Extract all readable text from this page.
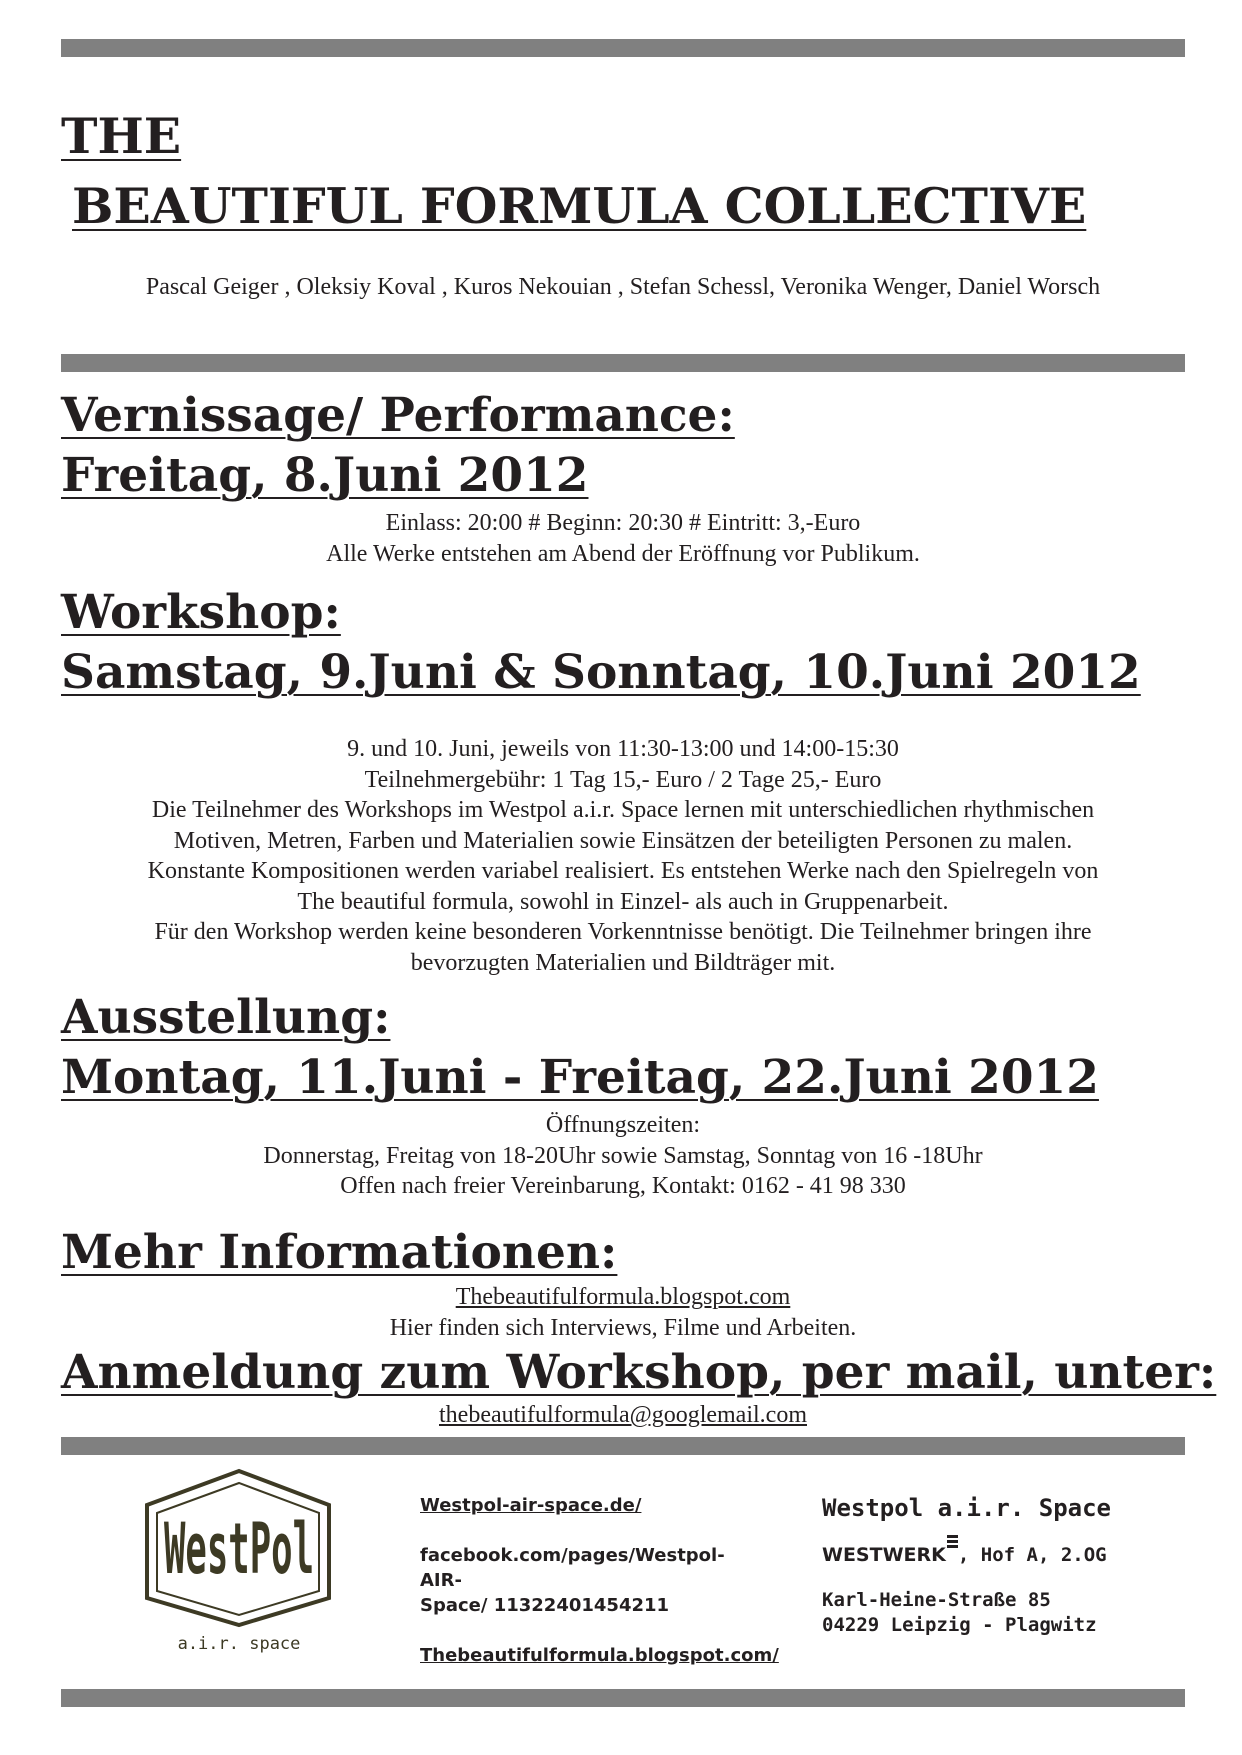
THE
BEAUTIFUL FORMULA COLLECTIVE

Pascal Geiger , Oleksiy Koval , Kuros Nekouian , Stefan Schessl, Veronika Wenger, Daniel Worsch

Vernissage/ Performance:
Freitag, 8.Juni 2012

Einlass: 20:00 # Beginn: 20:30 # Eintritt: 3,-Euro

Alle Werke entstehen am Abend der Eröffnung vor Publikum.

Workshop:
Samstag, 9.Juni & Sonntag, 10.Juni 2012

9. und 10. Juni, jeweils von 11:30-13:00 und 14:00-15:30

Teilnehmergebühr: 1 Tag 15,- Euro / 2 Tage 25,- Euro

Die Teilnehmer des Workshops im Westpol a.i.r. Space lernen mit unterschiedlichen rhythmischen

Motiven, Metren, Farben und Materialien sowie Einsätzen der beteiligten Personen zu malen.

Konstante Kompositionen werden variabel realisiert. Es entstehen Werke nach den Spielregeln von

The beautiful formula, sowohl in Einzel- als auch in Gruppenarbeit.

Für den Workshop werden keine besonderen Vorkenntnisse benötigt. Die Teilnehmer bringen ihre

bevorzugten Materialien und Bildträger mit.

Ausstellung:
Montag, 11.Juni - Freitag, 22.Juni 2012

Öffnungszeiten:

Donnerstag, Freitag von 18-20Uhr sowie Samstag, Sonntag von 16 -18Uhr

Offen nach freier Vereinbarung, Kontakt: 0162 - 41 98 330

Mehr Informationen:

Thebeautifulformula.blogspot.com

Hier finden sich Interviews, Filme und Arbeiten.

Anmeldung zum Workshop, per mail, unter:

thebeautifulformula@googlemail.com

WestPol
a.i.r. space

Westpol-air-space.de/

facebook.com/pages/Westpol-AIR-
Space/ 11322401454211

Thebeautifulformula.blogspot.com/

Westpol a.i.r. Space

WESTWERK , Hof A, 2.OG

Karl-Heine-Straße 85

04229 Leipzig - Plagwitz
